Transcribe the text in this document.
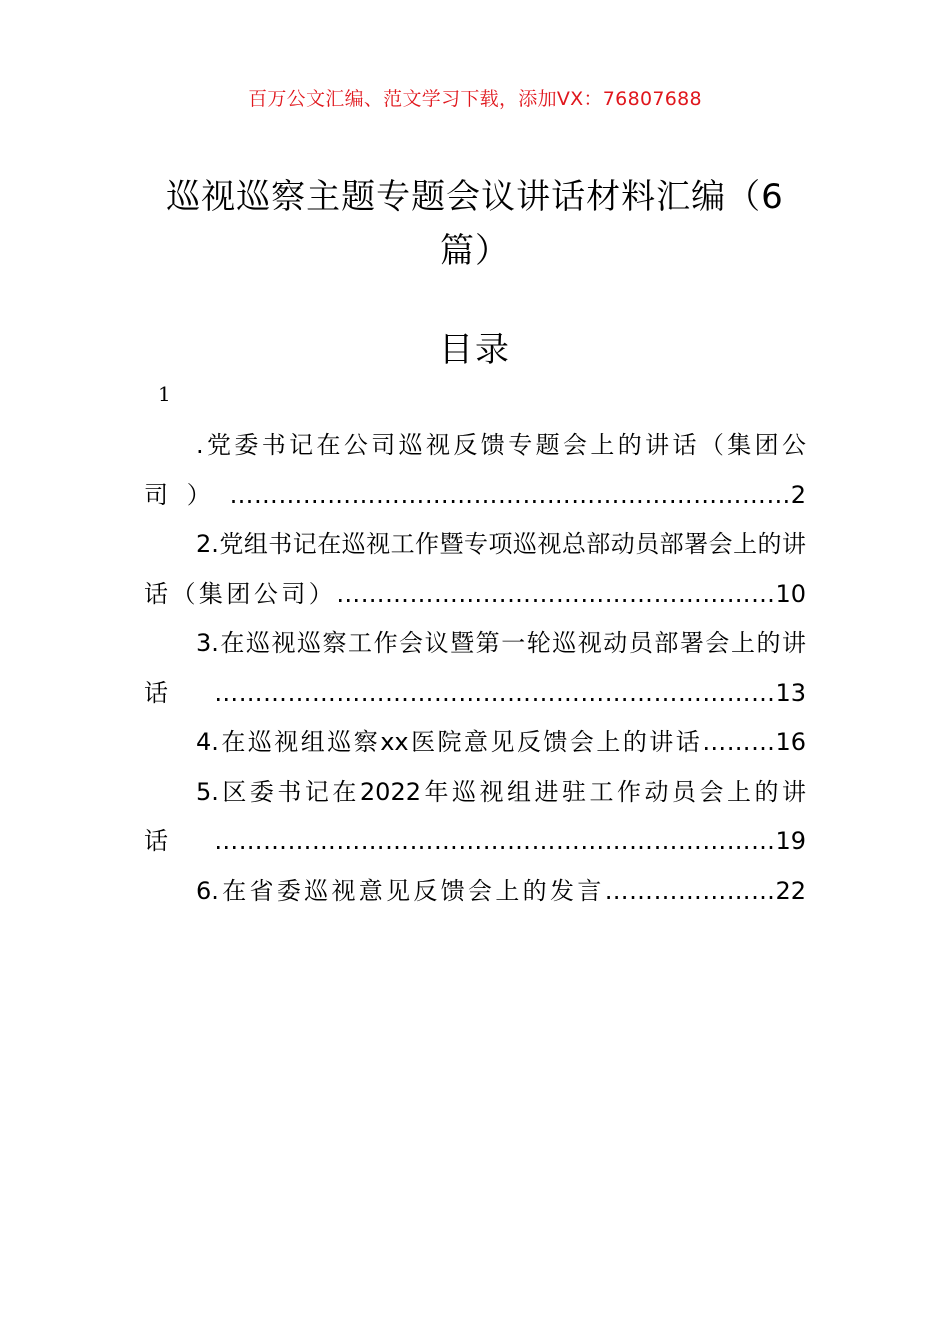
百万公文汇编、范文学习下载，添加VX：76807688
巡视巡察主题专题会议讲话材料汇编（6篇）
目录
1
.党委书记在公司巡视反馈专题会上的讲话（集团公司）……………………………………………………………2
2.党组书记在巡视工作暨专项巡视总部动员部署会上的讲话（集团公司）………………………………………………10
3.在巡视巡察工作会议暨第一轮巡视动员部署会上的讲话……………………………………………………………13
4.在巡视组巡察xx医院意见反馈会上的讲话………16
5.区委书记在2022年巡视组进驻工作动员会上的讲话……………………………………………………………19
6.在省委巡视意见反馈会上的发言…………………22
